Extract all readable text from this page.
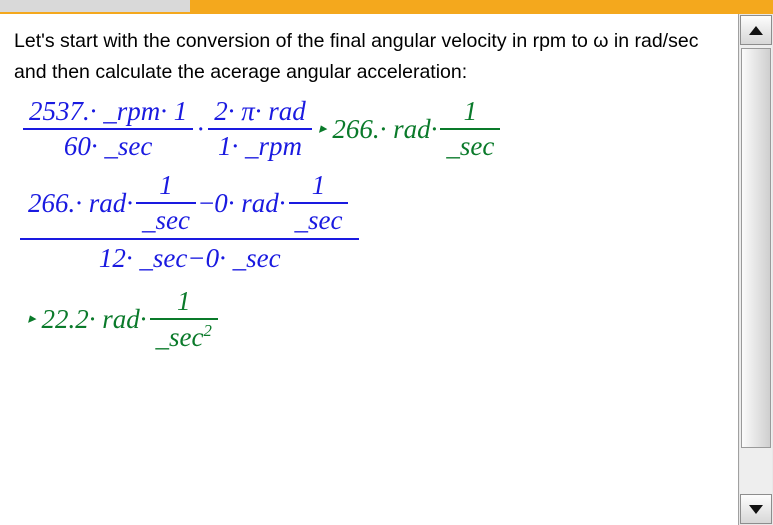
Let's start with the conversion of the final angular velocity in rpm to ω in rad/sec and then calculate the acerage angular acceleration:

$\frac{\text{2537.· \_rpm· 1}}{60\cdot \_\sec} \cdot \frac{\text{2· π· rad}}{\text{1· \_rpm}}$ ▸ $266.\cdot rad\cdot \frac{1}{\_\sec}$
$266.\cdot rad\cdot \frac{1}{\_\sec} - 0\cdot rad\cdot \frac{1}{\_\sec}$
12· _sec−0· _sec
▸ $22.2\cdot rad\cdot \frac{1}{\_\sec^2}$
